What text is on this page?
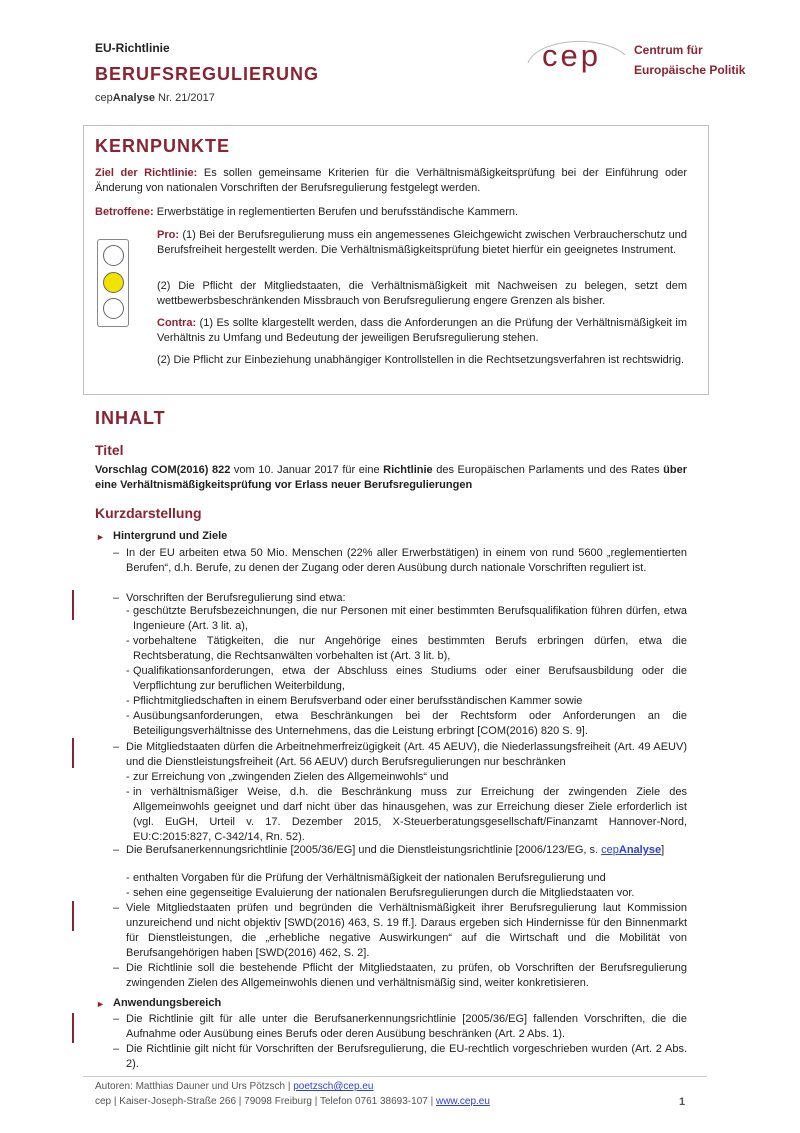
EU-Richtlinie
BERUFSREGULIERUNG
cepAnalyse Nr. 21/2017
cep	Centrum für
Europäische Politik
KERNPUNKTE
Ziel der Richtlinie: Es sollen gemeinsame Kriterien für die Verhältnismäßigkeitsprüfung bei der Einführung oder Änderung von nationalen Vorschriften der Berufsregulierung festgelegt werden.
Betroffene: Erwerbstätige in reglementierten Berufen und berufsständische Kammern.
Pro: (1) Bei der Berufsregulierung muss ein angemessenes Gleichgewicht zwischen Verbraucherschutz und Berufsfreiheit hergestellt werden. Die Verhältnismäßigkeitsprüfung bietet hierfür ein geeignetes Instrument.
(2) Die Pflicht der Mitgliedstaaten, die Verhältnismäßigkeit mit Nachweisen zu belegen, setzt dem wettbewerbsbeschränkenden Missbrauch von Berufsregulierung engere Grenzen als bisher.
Contra: (1) Es sollte klargestellt werden, dass die Anforderungen an die Prüfung der Verhältnismäßigkeit im Verhältnis zu Umfang und Bedeutung der jeweiligen Berufsregulierung stehen.
(2) Die Pflicht zur Einbeziehung unabhängiger Kontrollstellen in die Rechtsetzungsverfahren ist rechtswidrig.
INHALT
Titel
Vorschlag COM(2016) 822 vom 10. Januar 2017 für eine Richtlinie des Europäischen Parlaments und des Rates über eine Verhältnismäßigkeitsprüfung vor Erlass neuer Berufsregulierungen
Kurzdarstellung
► Hintergrund und Ziele
– In der EU arbeiten etwa 50 Mio. Menschen (22% aller Erwerbstätigen) in einem von rund 5600 „reglementierten Berufen“, d.h. Berufe, zu denen der Zugang oder deren Ausübung durch nationale Vorschriften reguliert ist.
– Vorschriften der Berufsregulierung sind etwa:
- geschützte Berufsbezeichnungen, die nur Personen mit einer bestimmten Berufsqualifikation führen dürfen, etwa Ingenieure (Art. 3 lit. a),
- vorbehaltene Tätigkeiten, die nur Angehörige eines bestimmten Berufs erbringen dürfen, etwa die Rechtsberatung, die Rechtsanwälten vorbehalten ist (Art. 3 lit. b),
- Qualifikationsanforderungen, etwa der Abschluss eines Studiums oder einer Berufsausbildung oder die Verpflichtung zur beruflichen Weiterbildung,
- Pflichtmitgliedschaften in einem Berufsverband oder einer berufsständischen Kammer sowie
- Ausübungsanforderungen, etwa Beschränkungen bei der Rechtsform oder Anforderungen an die Beteiligungsverhältnisse des Unternehmens, das die Leistung erbringt [COM(2016) 820 S. 9].
– Die Mitgliedstaaten dürfen die Arbeitnehmerfreizügigkeit (Art. 45 AEUV), die Niederlassungsfreiheit (Art. 49 AEUV) und die Dienstleistungsfreiheit (Art. 56 AEUV) durch Berufsregulierungen nur beschränken
- zur Erreichung von „zwingenden Zielen des Allgemeinwohls“ und
- in verhältnismäßiger Weise, d.h. die Beschränkung muss zur Erreichung der zwingenden Ziele des Allgemeinwohls geeignet und darf nicht über das hinausgehen, was zur Erreichung dieser Ziele erforderlich ist (vgl. EuGH, Urteil v. 17. Dezember 2015, X-Steuerberatungsgesellschaft/Finanzamt Hannover-Nord, EU:C:2015:827, C-342/14, Rn. 52).
– Die Berufsanerkennungsrichtlinie [2005/36/EG] und die Dienstleistungsrichtlinie [2006/123/EG, s. cepAnalyse]
- enthalten Vorgaben für die Prüfung der Verhältnismäßigkeit der nationalen Berufsregulierung und
- sehen eine gegenseitige Evaluierung der nationalen Berufsregulierungen durch die Mitgliedstaaten vor.
– Viele Mitgliedstaaten prüfen und begründen die Verhältnismäßigkeit ihrer Berufsregulierung laut Kommission unzureichend und nicht objektiv [SWD(2016) 463, S. 19 ff.]. Daraus ergeben sich Hindernisse für den Binnenmarkt für Dienstleistungen, die „erhebliche negative Auswirkungen“ auf die Wirtschaft und die Mobilität von Berufsangehörigen haben [SWD(2016) 462, S. 2].
– Die Richtlinie soll die bestehende Pflicht der Mitgliedstaaten, zu prüfen, ob Vorschriften der Berufsregulierung zwingenden Zielen des Allgemeinwohls dienen und verhältnismäßig sind, weiter konkretisieren.
► Anwendungsbereich
– Die Richtlinie gilt für alle unter die Berufsanerkennungsrichtlinie [2005/36/EG] fallenden Vorschriften, die die Aufnahme oder Ausübung eines Berufs oder deren Ausübung beschränken (Art. 2 Abs. 1).
– Die Richtlinie gilt nicht für Vorschriften der Berufsregulierung, die EU-rechtlich vorgeschrieben wurden (Art. 2 Abs. 2).
Autoren: Matthias Dauner und Urs Pötzsch | poetzsch@cep.eu
cep | Kaiser-Joseph-Straße 266 | 79098 Freiburg | Telefon 0761 38693-107 | www.cep.eu	1
